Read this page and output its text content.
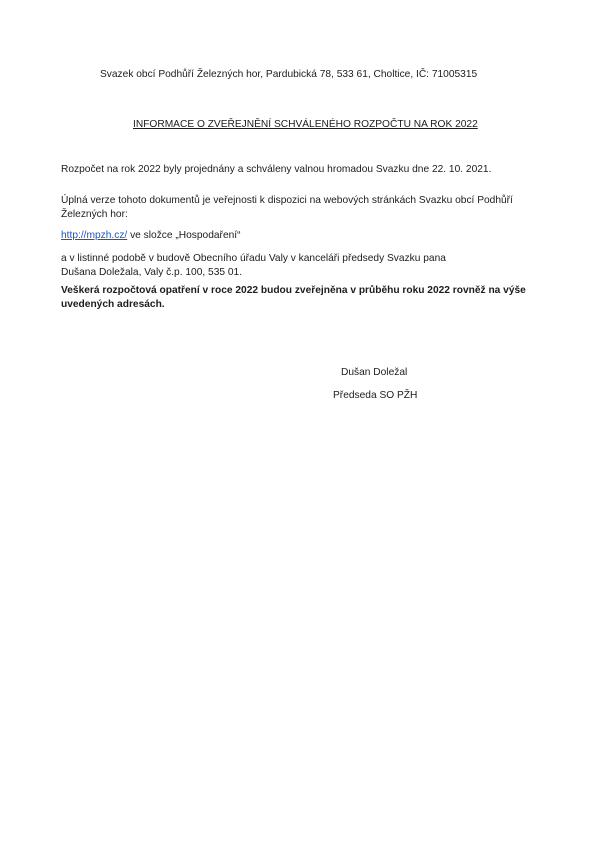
Svazek obcí Podhůří Železných hor, Pardubická 78, 533 61, Choltice, IČ: 71005315
INFORMACE O ZVEŘEJNĚNÍ SCHVÁLENÉHO ROZPOČTU NA ROK 2022
Rozpočet na rok 2022 byly projednány a schváleny valnou hromadou Svazku dne 22. 10. 2021.
Úplná verze tohoto dokumentů je veřejnosti k dispozici na webových stránkách Svazku obcí Podhůří Železných hor:
http://mpzh.cz/ ve složce „Hospodaření“
a v listinné podobě v budově Obecního úřadu Valy v kanceláři předsedy Svazku pana Dušana Doležala, Valy č.p. 100, 535 01.
Veškerá rozpočtová opatření v roce 2022 budou zveřejněna v průběhu roku 2022 rovněž na výše uvedených adresách.
Dušan Doležal
Předseda SO PŽH
